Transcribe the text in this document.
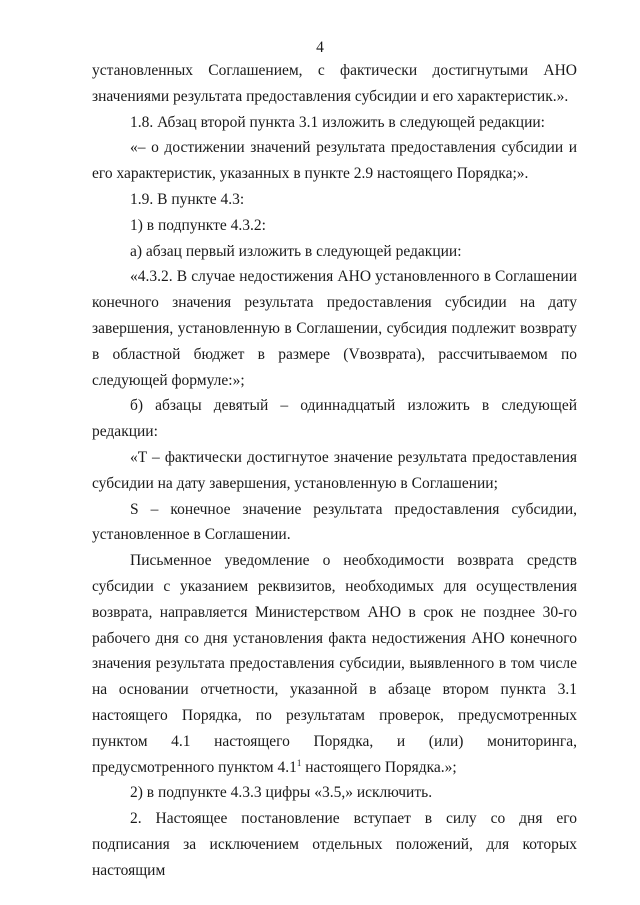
4

установленных Соглашением, с фактически достигнутыми АНО значениями результата предоставления субсидии и его характеристик.».

1.8. Абзац второй пункта 3.1 изложить в следующей редакции:

«– о достижении значений результата предоставления субсидии и его характеристик, указанных в пункте 2.9 настоящего Порядка;».

1.9. В пункте 4.3:

1) в подпункте 4.3.2:

а) абзац первый изложить в следующей редакции:

«4.3.2. В случае недостижения АНО установленного в Соглашении конечного значения результата предоставления субсидии на дату завершения, установленную в Соглашении, субсидия подлежит возврату в областной бюджет в размере (Vвозврата), рассчитываемом по следующей формуле:»;

б) абзацы девятый – одиннадцатый изложить в следующей редакции:

«T – фактически достигнутое значение результата предоставления субсидии на дату завершения, установленную в Соглашении;

S – конечное значение результата предоставления субсидии, установленное в Соглашении.

Письменное уведомление о необходимости возврата средств субсидии с указанием реквизитов, необходимых для осуществления возврата, направляется Министерством АНО в срок не позднее 30-го рабочего дня со дня установления факта недостижения АНО конечного значения результата предоставления субсидии, выявленного в том числе на основании отчетности, указанной в абзаце втором пункта 3.1 настоящего Порядка, по результатам проверок, предусмотренных пунктом 4.1 настоящего Порядка, и (или) мониторинга, предусмотренного пунктом $4.1^1$ настоящего Порядка.»;

2) в подпункте 4.3.3 цифры «3.5,» исключить.

2. Настоящее постановление вступает в силу со дня его подписания за исключением отдельных положений, для которых настоящим
